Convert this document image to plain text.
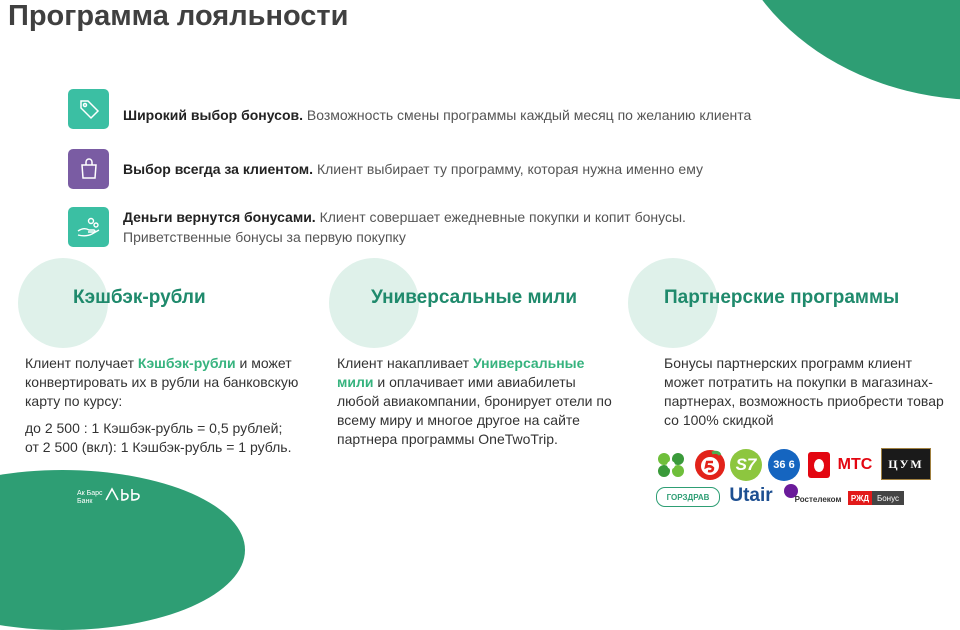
Программа лояльности
Широкий выбор бонусов. Возможность смены программы каждый месяц по желанию клиента
Выбор всегда за клиентом. Клиент выбирает ту программу, которая нужна именно ему
Деньги вернутся бонусами. Клиент совершает ежедневные покупки и копит бонусы.
Приветственные бонусы за первую покупку
Кэшбэк-рубли

Клиент получает Кэшбэк-рубли и может конвертировать их в рубли на банковскую карту по курсу:

до 2 500 : 1 Кэшбэк-рубль = 0,5 рублей;

от 2 500 (вкл): 1 Кэшбэк-рубль = 1 рубль.

Универсальные мили

Клиент накапливает Универсальные мили и оплачивает ими авиабилеты любой авиакомпании, бронирует отели по всему миру и многое другое на сайте партнера программы OneTwoTrip.

Партнерские программы

Бонусы партнерских программ клиент может потратить на покупки в магазинах-партнерах, возможность приобрести товар со 100% скидкой

S7	36 6	МТС	ЦУМ
ГОРЗДРАВ	Utair	Ростелеком	РЖД Бонус
Ак Барс
Банк
